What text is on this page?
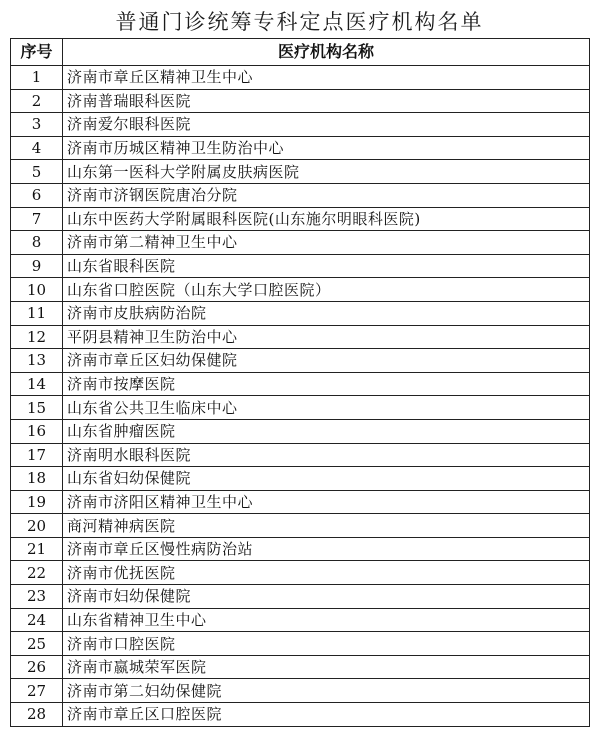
普通门诊统筹专科定点医疗机构名单
序号	医疗机构名称
1	济南市章丘区精神卫生中心
2	济南普瑞眼科医院
3	济南爱尔眼科医院
4	济南市历城区精神卫生防治中心
5	山东第一医科大学附属皮肤病医院
6	济南市济钢医院唐冶分院
7	山东中医药大学附属眼科医院(山东施尔明眼科医院)
8	济南市第二精神卫生中心
9	山东省眼科医院
10	山东省口腔医院（山东大学口腔医院）
11	济南市皮肤病防治院
12	平阴县精神卫生防治中心
13	济南市章丘区妇幼保健院
14	济南市按摩医院
15	山东省公共卫生临床中心
16	山东省肿瘤医院
17	济南明水眼科医院
18	山东省妇幼保健院
19	济南市济阳区精神卫生中心
20	商河精神病医院
21	济南市章丘区慢性病防治站
22	济南市优抚医院
23	济南市妇幼保健院
24	山东省精神卫生中心
25	济南市口腔医院
26	济南市嬴城荣军医院
27	济南市第二妇幼保健院
28	济南市章丘区口腔医院
